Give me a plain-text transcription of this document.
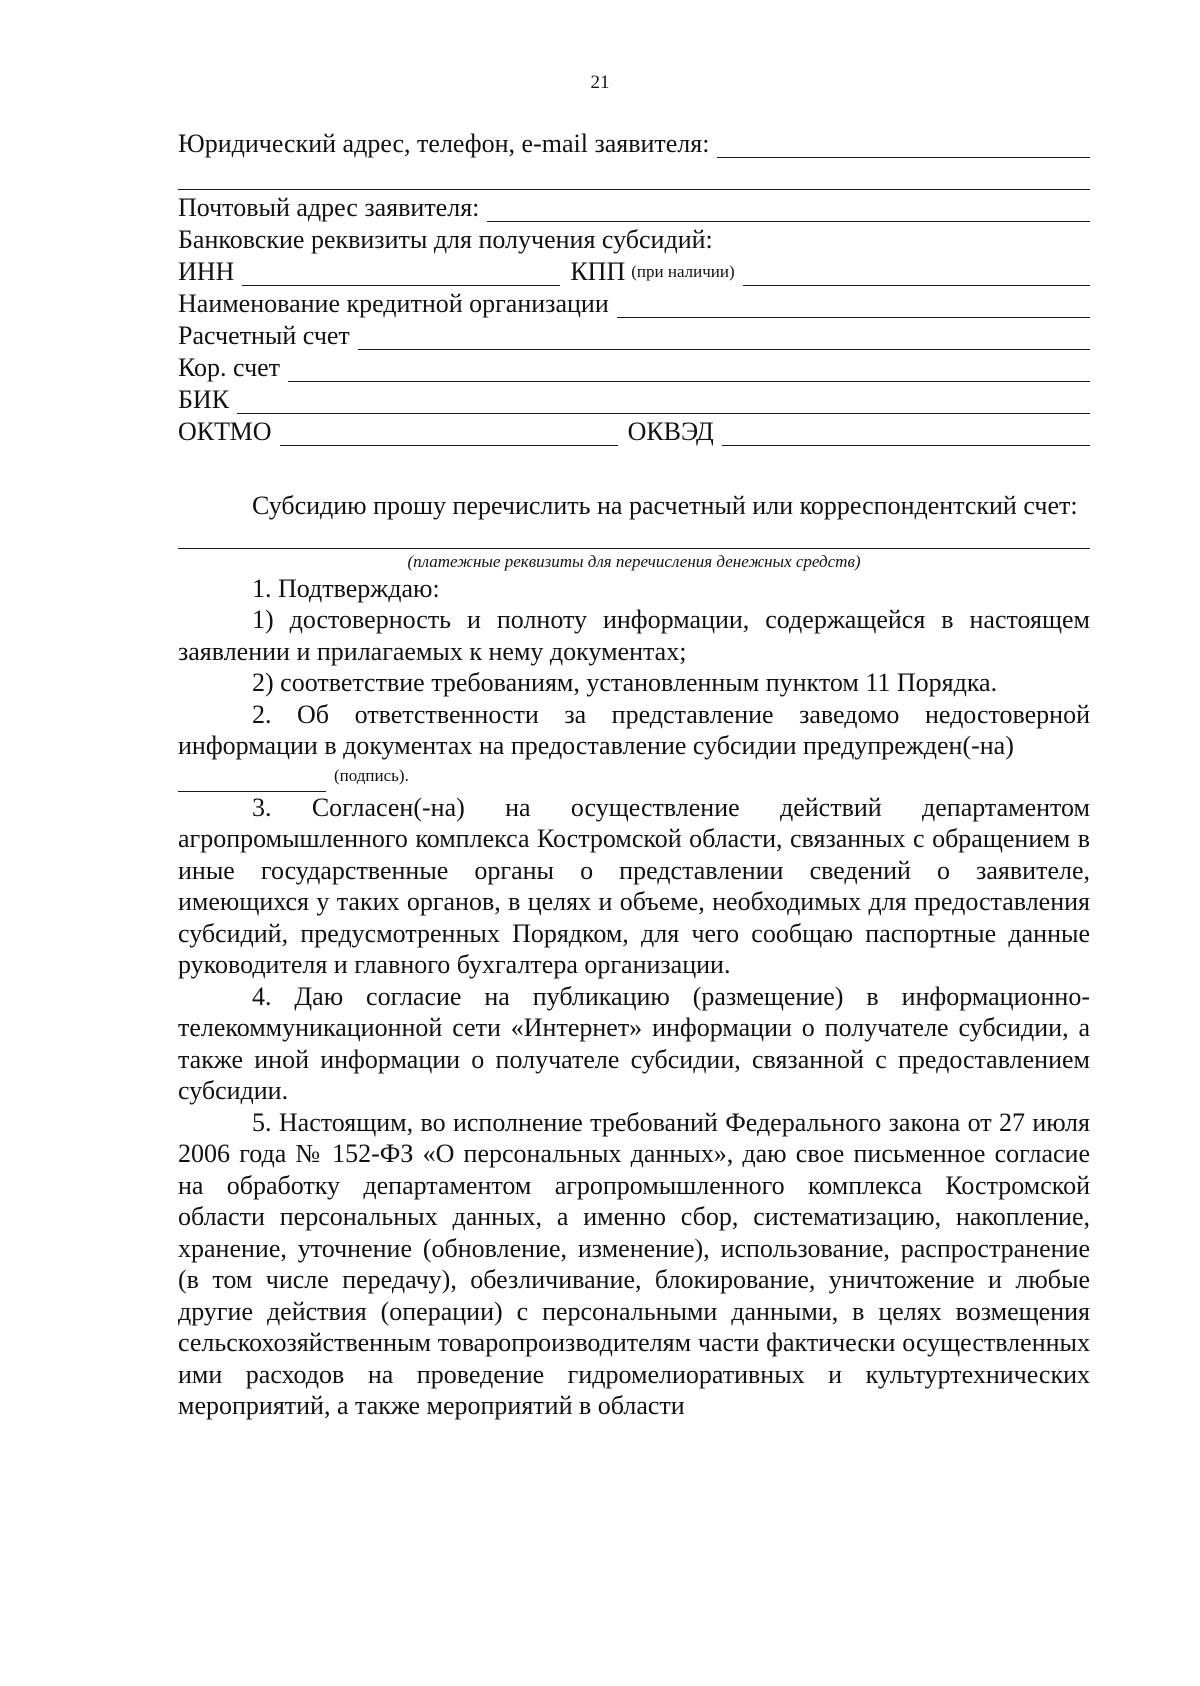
21
Юридический адрес, телефон, e-mail заявителя:
Почтовый адрес заявителя:
Банковские реквизиты для получения субсидий:
ИНН	КПП (при наличии)
Наименование кредитной организации
Расчетный счет
Кор. счет
БИК
ОКТМО	ОКВЭД

Субсидию прошу перечислить на расчетный или корреспондентский счет:

(платежные реквизиты для перечисления денежных средств)

1. Подтверждаю:

1) достоверность и полноту информации, содержащейся в настоящем заявлении и прилагаемых к нему документах;

2) соответствие требованиям, установленным пунктом 11 Порядка.

2. Об ответственности за представление заведомо недостоверной информации в документах на предоставление субсидии предупрежден(-на)

(подпись).

3. Согласен(-на) на осуществление действий департаментом агропромышленного комплекса Костромской области, связанных с обращением в иные государственные органы о представлении сведений о заявителе, имеющихся у таких органов, в целях и объеме, необходимых для предоставления субсидий, предусмотренных Порядком, для чего сообщаю паспортные данные руководителя и главного бухгалтера организации.

4. Даю согласие на публикацию (размещение) в информационно-телекоммуникационной сети «Интернет» информации о получателе субсидии, а также иной информации о получателе субсидии, связанной с предоставлением субсидии.

5. Настоящим, во исполнение требований Федерального закона от 27 июля 2006 года № 152-ФЗ «О персональных данных», даю свое письменное согласие на обработку департаментом агропромышленного комплекса Костромской области персональных данных, а именно сбор, систематизацию, накопление, хранение, уточнение (обновление, изменение), использование, распространение (в том числе передачу), обезличивание, блокирование, уничтожение и любые другие действия (операции) с персональными данными, в целях возмещения сельскохозяйственным товаропроизводителям части фактически осуществленных ими расходов на проведение гидромелиоративных и культуртехнических мероприятий, а также мероприятий в области
